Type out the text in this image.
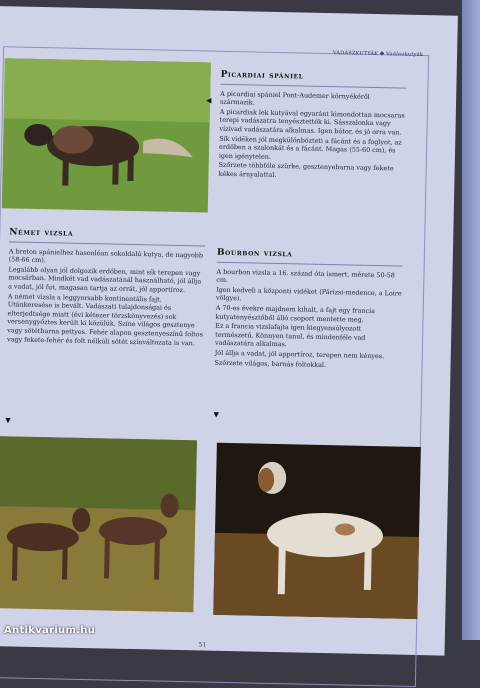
VADÁSZKUTYÁK ✤ Vadászkutyák
Picardiai spániel

A picardiai spániel Pont-Audemer környékéről származik.

A picardiak lek kutyával egyaránt kimondottan mocsaras terepi vadászatra tenyésztették ki. Sásszalonka vagy vízivad vadászatára alkalmas. Igen bátor, és jó orra van.

Sík vidéken jól megkülönbözteti a fácánt és a foglyot, az erdőben a szalonkát és a fácánt. Magas (55-60 cm), és igen igénytelen.

Szőrzete többféle szürke, gesztenyebarna vagy fekete kékes árnyalattal.

◀
Német vizsla

A breton spánielhez hasonlóan sokoldalú kutya, de nagyobb (58-66 cm).

Legalább olyan jól dolgozik erdőben, mint sík terepen vagy mocsárban. Mindkét vad vadászatánál használható, jól állja a vadat, jól fut, magasan tartja az orrát, jól apportíroz.

A német vizsla a leggyorsabb kontinentális fajt. Utánkeresése is bevált. Vadászati tulajdonságai és elterjedtsége miatt (évi kétezer törzskönyvezés) sok versenygyőztes került ki közülük. Színe világos gesztenye vagy sötétbarna pettyes. Fehér alapon gesztenyeszínű foltos vagy fekete-fehér és folt nélküli sötét színváltozata is van.

▼
Bourbon vizsla

A bourbon vizsla a 16. század óta ismert, mérete 50-58 cm.

Igen kedveli a központi vidéket (Párizsi-medence, a Loire völgye).

A 70-es évekre majdnem kihalt, a fajt egy francia kutyatenyésztőből álló csoport mentette meg.

Ez a francia vizslafajta igen kiegyensúlyozott természetű. Könnyen tanul, és mindenféle vad vadászatára alkalmas.

Jól állja a vadat, jól apportíroz, terepen nem kényes.

Szőrzete világos, barnás foltokkal.

▼
51
Antikvarium.hu
